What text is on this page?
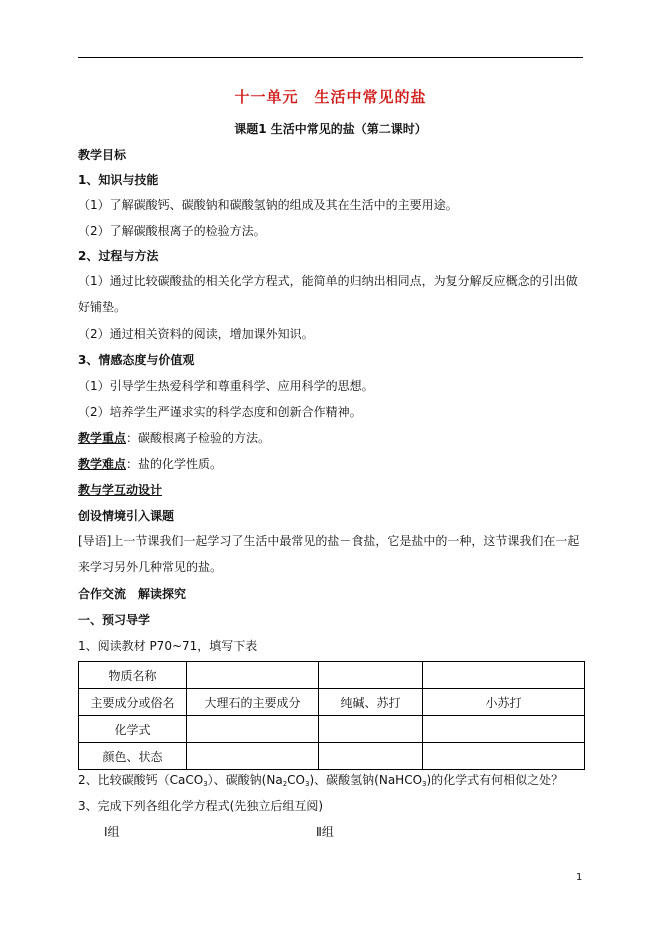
十一单元　生活中常见的盐
课题1 生活中常见的盐（第二课时）
教学目标
1、知识与技能
（1）了解碳酸钙、碳酸钠和碳酸氢钠的组成及其在生活中的主要用途。
（2）了解碳酸根离子的检验方法。
2、过程与方法
（1）通过比较碳酸盐的相关化学方程式，能简单的归纳出相同点，为复分解反应概念的引出做好铺垫。
（2）通过相关资料的阅读，增加课外知识。
3、情感态度与价值观
（1）引导学生热爱科学和尊重科学、应用科学的思想。
（2）培养学生严谨求实的科学态度和创新合作精神。
教学重点：碳酸根离子检验的方法。
教学难点：盐的化学性质。
教与学互动设计
创设情境引入课题
[导语]上一节课我们一起学习了生活中最常见的盐－食盐，它是盐中的一种，这节课我们在一起来学习另外几种常见的盐。
合作交流　解读探究
一、预习导学
1、阅读教材 P70~71，填写下表
物质名称			
主要成分或俗名	大理石的主要成分	纯碱、苏打	小苏打
化学式			
颜色、状态			
2、比较碳酸钙（CaCO$_3$）、碳酸钠$(Na_2CO_3)$、碳酸氢钠(NaHCO$_3$)的化学式有何相似之处？
3、完成下列各组化学方程式(先独立后组互阅)
Ⅰ组	Ⅱ组
1
